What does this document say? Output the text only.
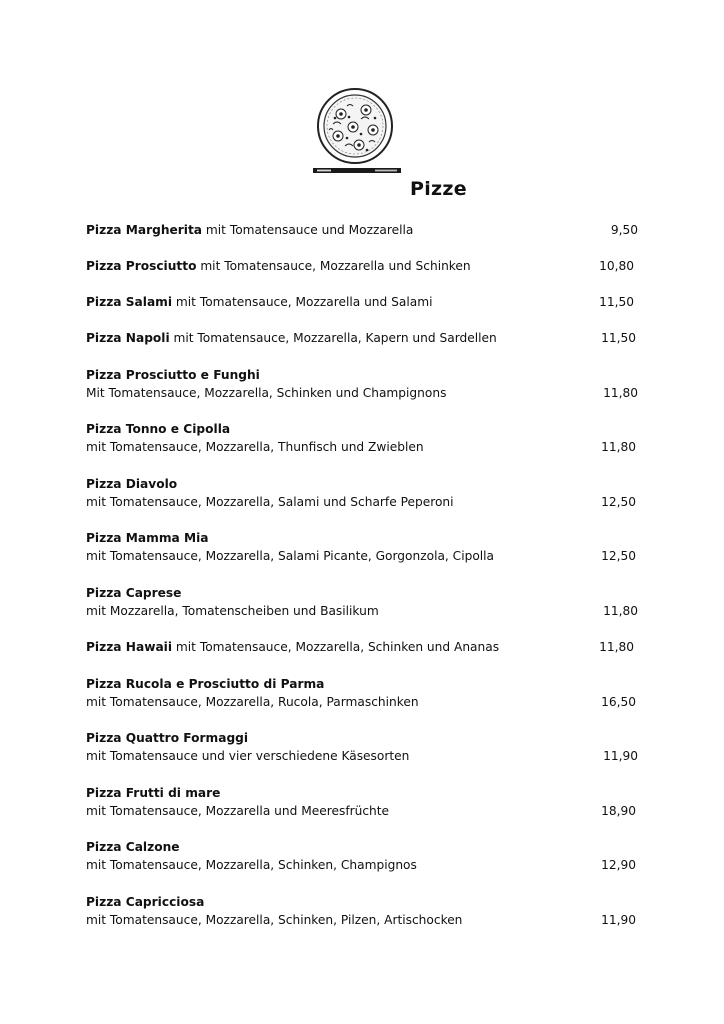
Pizze
Pizza Margherita mit Tomatensauce und Mozzarella	9,50
Pizza Prosciutto mit Tomatensauce, Mozzarella und Schinken	10,80
Pizza Salami mit Tomatensauce, Mozzarella und Salami	11,50
Pizza Napoli mit Tomatensauce, Mozzarella, Kapern und Sardellen	11,50
Pizza Prosciutto e Funghi
Mit Tomatensauce, Mozzarella, Schinken und Champignons	11,80
Pizza Tonno e Cipolla
mit Tomatensauce, Mozzarella, Thunfisch und Zwieblen	11,80
Pizza Diavolo
mit Tomatensauce, Mozzarella, Salami und Scharfe Peperoni	12,50
Pizza Mamma Mia
mit Tomatensauce, Mozzarella, Salami Picante, Gorgonzola, Cipolla	12,50
Pizza Caprese
mit Mozzarella, Tomatenscheiben und Basilikum	11,80
Pizza Hawaii mit Tomatensauce, Mozzarella, Schinken und Ananas	11,80
Pizza Rucola e Prosciutto di Parma
mit Tomatensauce, Mozzarella, Rucola, Parmaschinken	16,50
Pizza Quattro Formaggi
mit Tomatensauce und vier verschiedene Käsesorten	11,90
Pizza Frutti di mare
mit Tomatensauce, Mozzarella und Meeresfrüchte	18,90
Pizza Calzone
mit Tomatensauce, Mozzarella, Schinken, Champignos	12,90
Pizza Capricciosa
mit Tomatensauce, Mozzarella, Schinken, Pilzen, Artischocken	11,90
